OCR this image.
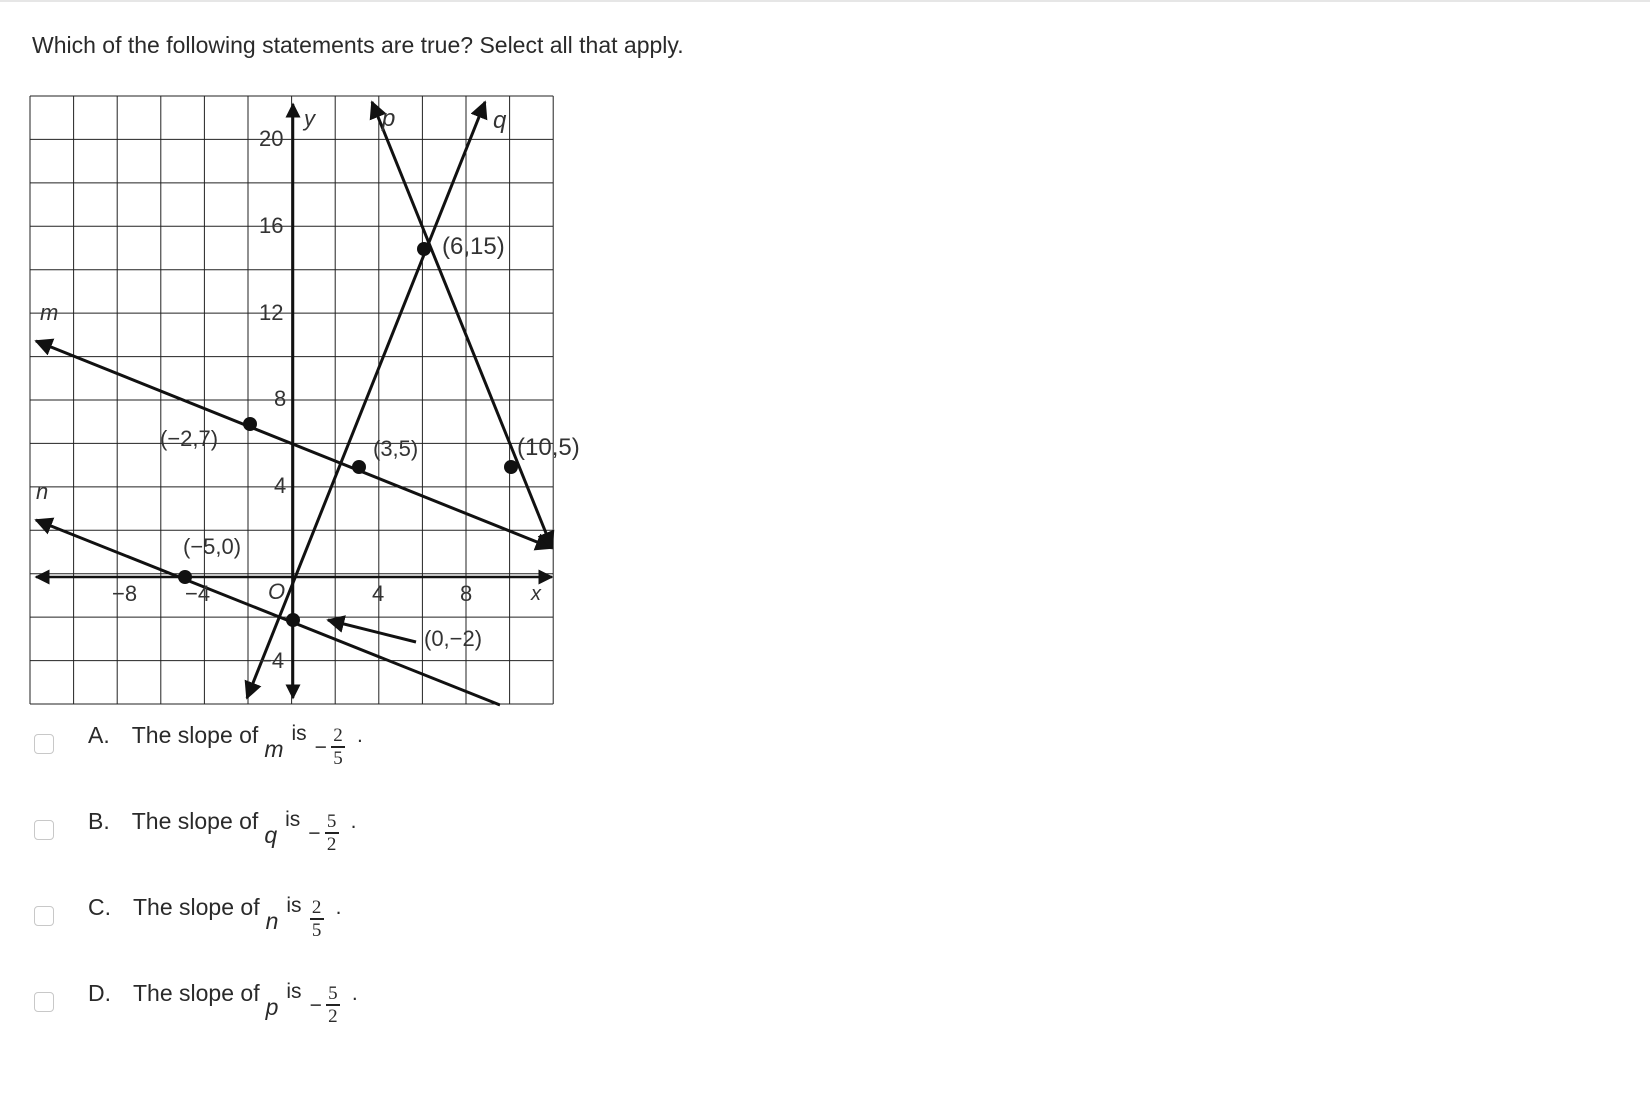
Which of the following statements are true? Select all that apply.
−8 −4	4	8
20
16
12
8
4
−4
x
y
O
m
n
p	q
(6,15)
(−2,7)	(3,5)	(10,5)
(−5,0)
(0,−2)
A. The slope of
m
is
− $\frac{2}{5}$ .
B. The slope of
q
is
− $\frac{5}{2}$ .
C. The slope of
n
is $\frac{2}{5}$ .
D. The slope of
p
is
− $\frac{5}{2}$ .
